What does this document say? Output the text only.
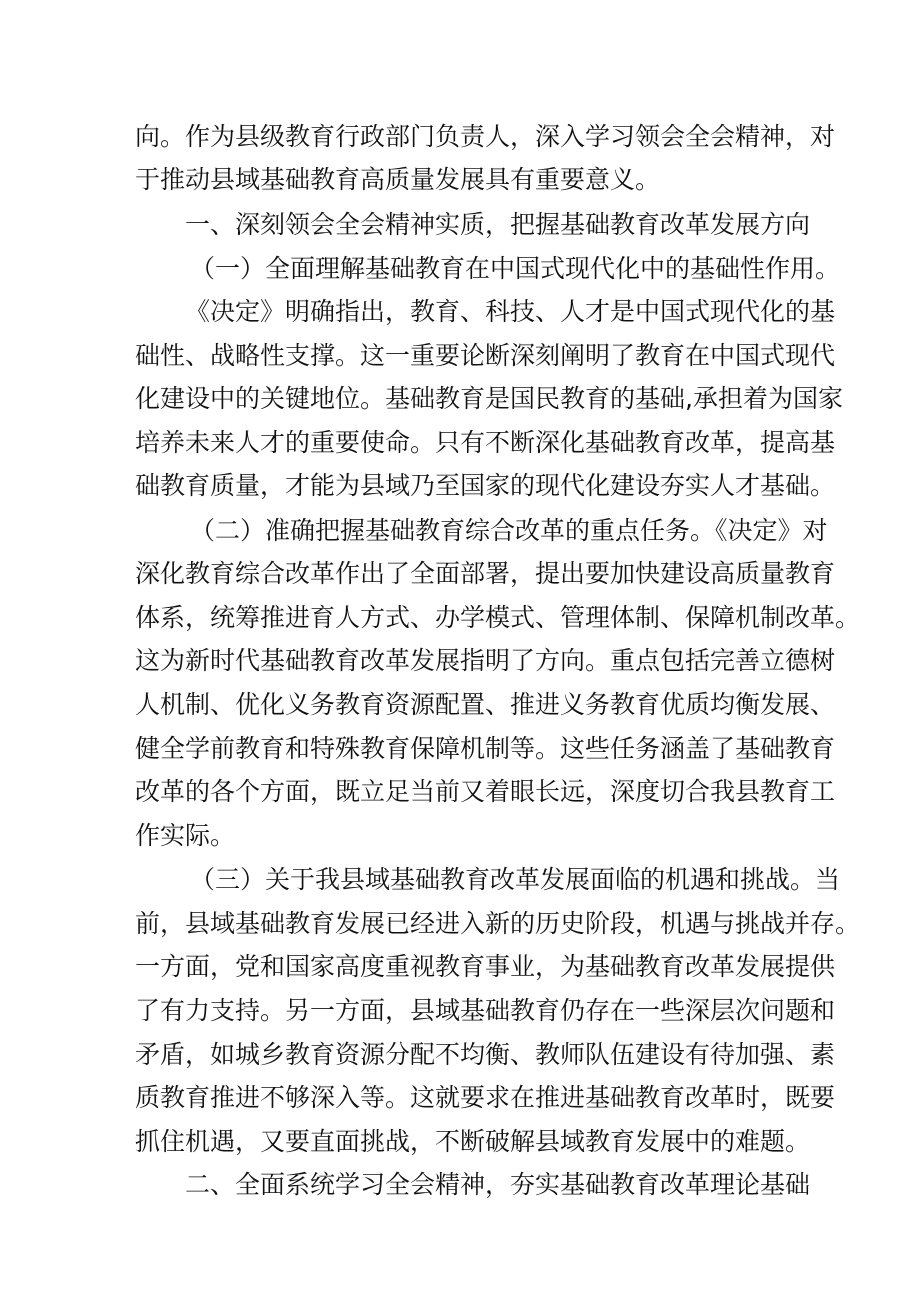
向。作为县级教育行政部门负责人，深入学习领会全会精神，对
于推动县域基础教育高质量发展具有重要意义。
一、深刻领会全会精神实质，把握基础教育改革发展方向
（一）全面理解基础教育在中国式现代化中的基础性作用。
《决定》明确指出，教育、科技、人才是中国式现代化的基
础性、战略性支撑。这一重要论断深刻阐明了教育在中国式现代
化建设中的关键地位。基础教育是国民教育的基础,承担着为国家
培养未来人才的重要使命。只有不断深化基础教育改革，提高基
础教育质量，才能为县域乃至国家的现代化建设夯实人才基础。
（二）准确把握基础教育综合改革的重点任务。《决定》对
深化教育综合改革作出了全面部署，提出要加快建设高质量教育
体系，统筹推进育人方式、办学模式、管理体制、保障机制改革。
这为新时代基础教育改革发展指明了方向。重点包括完善立德树
人机制、优化义务教育资源配置、推进义务教育优质均衡发展、
健全学前教育和特殊教育保障机制等。这些任务涵盖了基础教育
改革的各个方面，既立足当前又着眼长远，深度切合我县教育工
作实际。
（三）关于我县域基础教育改革发展面临的机遇和挑战。当
前，县域基础教育发展已经进入新的历史阶段，机遇与挑战并存。
一方面，党和国家高度重视教育事业，为基础教育改革发展提供
了有力支持。另一方面，县域基础教育仍存在一些深层次问题和
矛盾，如城乡教育资源分配不均衡、教师队伍建设有待加强、素
质教育推进不够深入等。这就要求在推进基础教育改革时，既要
抓住机遇，又要直面挑战，不断破解县域教育发展中的难题。
二、全面系统学习全会精神，夯实基础教育改革理论基础
